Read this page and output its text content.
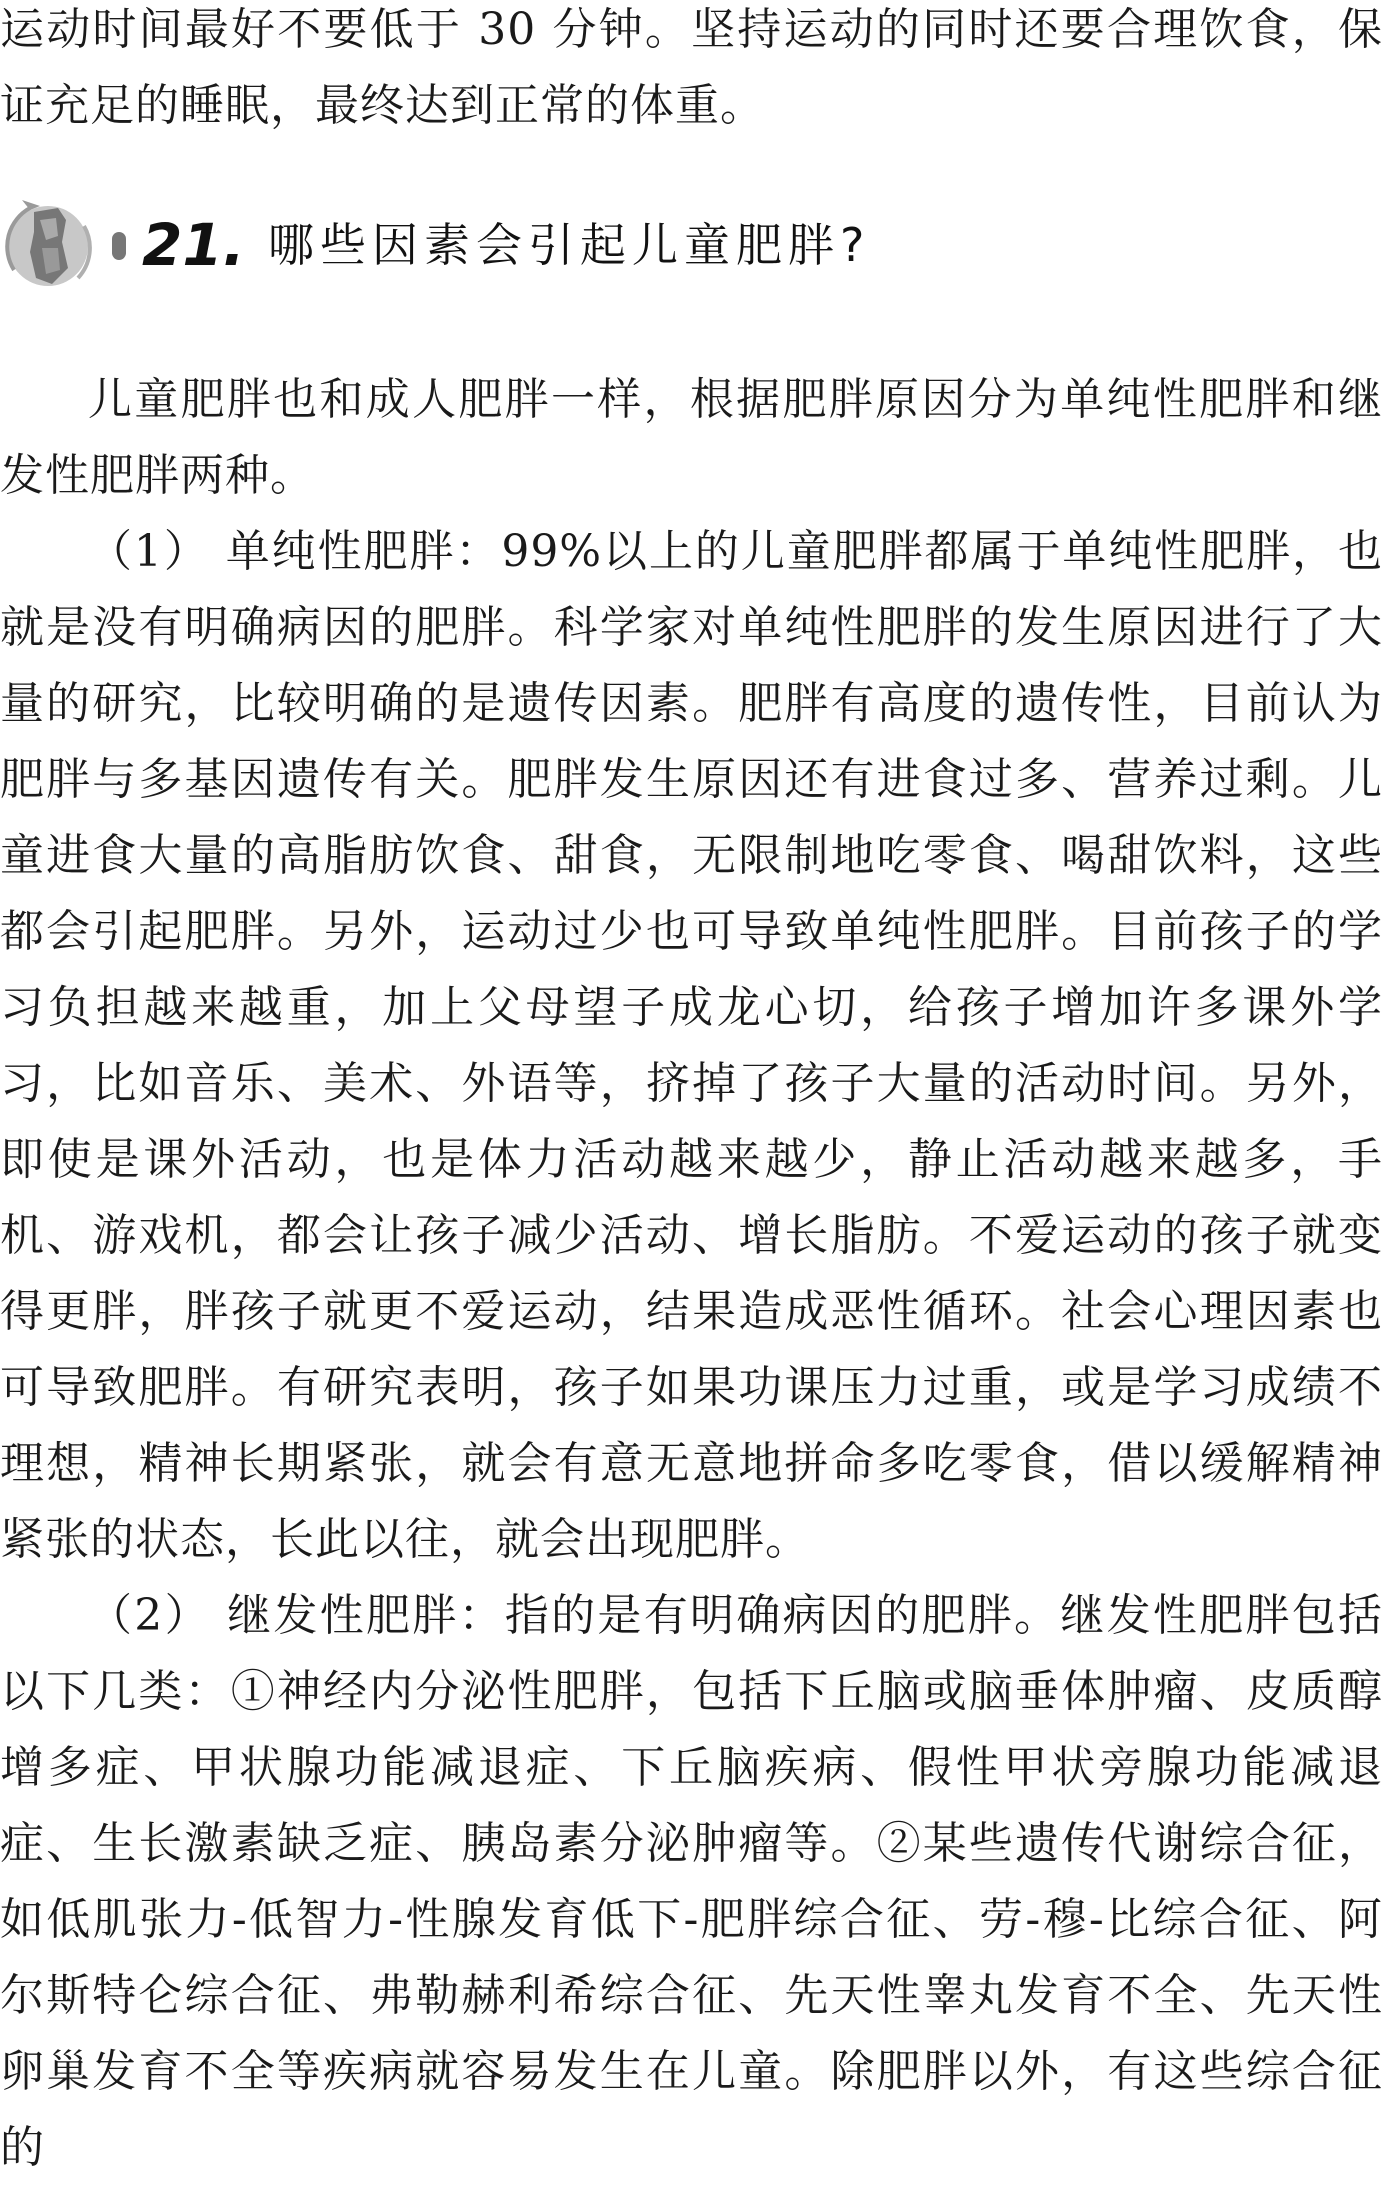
运动时间最好不要低于 30 分钟。坚持运动的同时还要合理饮食，保证充足的睡眠，最终达到正常的体重。

21. 哪些因素会引起儿童肥胖?

儿童肥胖也和成人肥胖一样，根据肥胖原因分为单纯性肥胖和继发性肥胖两种。

（1） 单纯性肥胖：99%以上的儿童肥胖都属于单纯性肥胖，也就是没有明确病因的肥胖。科学家对单纯性肥胖的发生原因进行了大量的研究，比较明确的是遗传因素。肥胖有高度的遗传性，目前认为肥胖与多基因遗传有关。肥胖发生原因还有进食过多、营养过剩。儿童进食大量的高脂肪饮食、甜食，无限制地吃零食、喝甜饮料，这些都会引起肥胖。另外，运动过少也可导致单纯性肥胖。目前孩子的学习负担越来越重，加上父母望子成龙心切，给孩子增加许多课外学习，比如音乐、美术、外语等，挤掉了孩子大量的活动时间。另外，即使是课外活动，也是体力活动越来越少，静止活动越来越多，手机、游戏机，都会让孩子减少活动、增长脂肪。不爱运动的孩子就变得更胖，胖孩子就更不爱运动，结果造成恶性循环。社会心理因素也可导致肥胖。有研究表明，孩子如果功课压力过重，或是学习成绩不理想，精神长期紧张，就会有意无意地拼命多吃零食，借以缓解精神紧张的状态，长此以往，就会出现肥胖。

（2） 继发性肥胖：指的是有明确病因的肥胖。继发性肥胖包括以下几类：①神经内分泌性肥胖，包括下丘脑或脑垂体肿瘤、皮质醇增多症、甲状腺功能减退症、下丘脑疾病、假性甲状旁腺功能减退症、生长激素缺乏症、胰岛素分泌肿瘤等。②某些遗传代谢综合征，如低肌张力-低智力-性腺发育低下-肥胖综合征、劳-穆-比综合征、阿尔斯特仑综合征、弗勒赫利希综合征、先天性睾丸发育不全、先天性卵巢发育不全等疾病就容易发生在儿童。除肥胖以外，有这些综合征的
